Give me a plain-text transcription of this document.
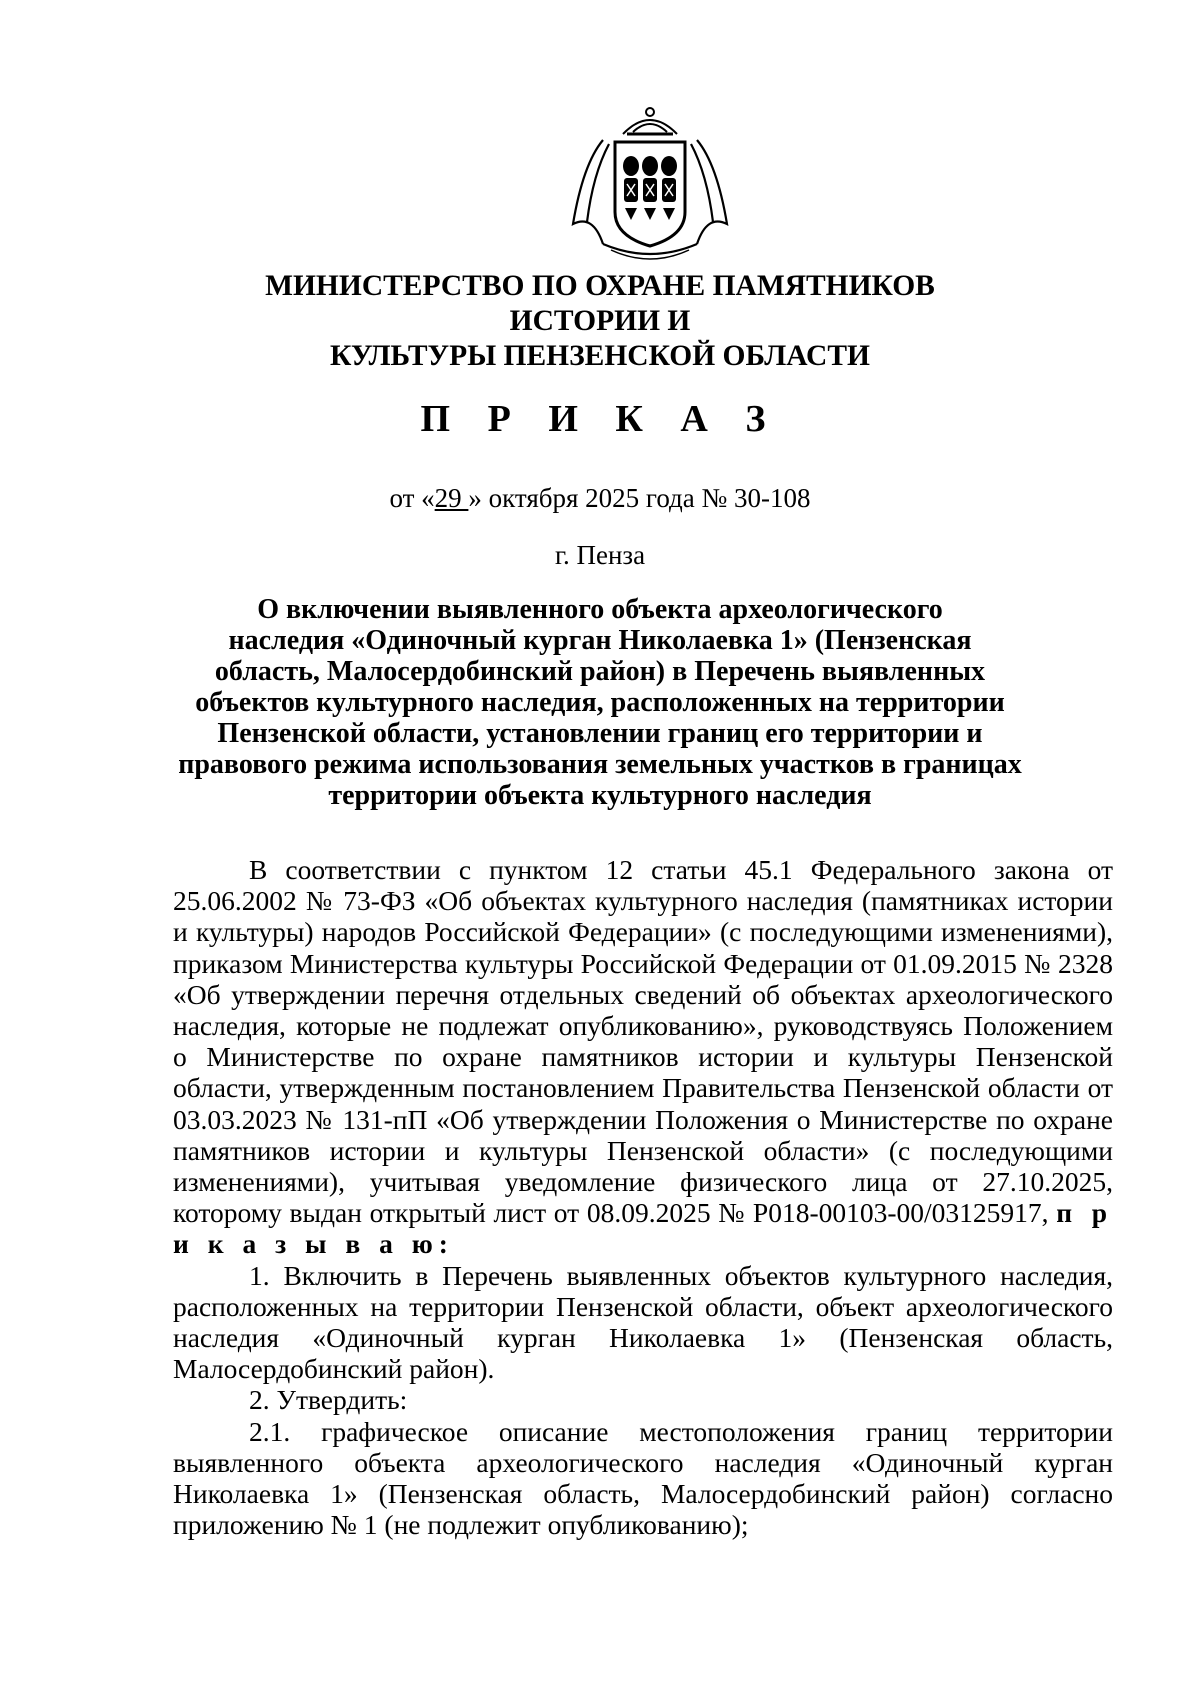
МИНИСТЕРСТВО ПО ОХРАНЕ ПАМЯТНИКОВ ИСТОРИИ И
КУЛЬТУРЫ ПЕНЗЕНСКОЙ ОБЛАСТИ
П Р И К А З
от «29 » октября 2025 года № 30-108
г. Пенза
О включении выявленного объекта археологического
наследия «Одиночный курган Николаевка 1» (Пензенская
область, Малосердобинский район) в Перечень выявленных
объектов культурного наследия, расположенных на территории
Пензенской области, установлении границ его территории и
правового режима использования земельных участков в границах
территории объекта культурного наследия

В соответствии с пунктом 12 статьи 45.1 Федерального закона от 25.06.2002 № 73-ФЗ «Об объектах культурного наследия (памятниках истории и культуры) народов Российской Федерации» (с последующими изменениями), приказом Министерства культуры Российской Федерации от 01.09.2015 № 2328 «Об утверждении перечня отдельных сведений об объектах археологического наследия, которые не подлежат опубликованию», руководствуясь Положением о Министерстве по охране памятников истории и культуры Пензенской области, утвержденным постановлением Правительства Пензенской области от 03.03.2023 № 131-пП «Об утверждении Положения о Министерстве по охране памятников истории и культуры Пензенской области» (с последующими изменениями), учитывая уведомление физического лица от 27.10.2025, которому выдан открытый лист от 08.09.2025 № Р018-00103-00/03125917, п р и к а з ы в а ю:

1. Включить в Перечень выявленных объектов культурного наследия, расположенных на территории Пензенской области, объект археологического наследия «Одиночный курган Николаевка 1» (Пензенская область, Малосердобинский район).

2. Утвердить:

2.1. графическое описание местоположения границ территории выявленного объекта археологического наследия «Одиночный курган Николаевка 1» (Пензенская область, Малосердобинский район) согласно приложению № 1 (не подлежит опубликованию);
